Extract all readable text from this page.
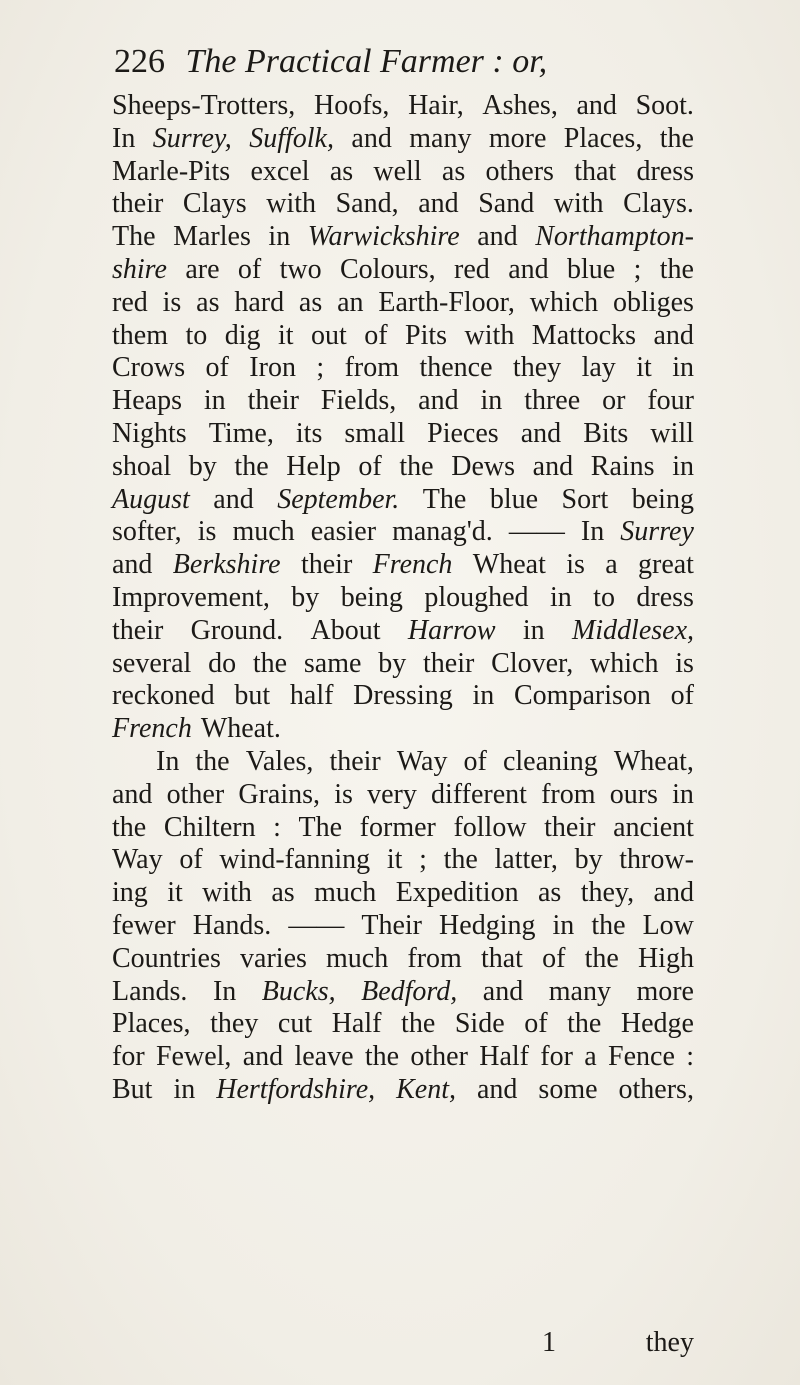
226 The Practical Farmer : or,
Sheeps-Trotters, Hoofs, Hair, Ashes, and Soot.
In Surrey, Suffolk, and many more Places, the
Marle-Pits excel as well as others that dress
their Clays with Sand, and Sand with Clays.
The Marles in Warwickshire and Northampton-
shire are of two Colours, red and blue ; the
red is as hard as an Earth-Floor, which obliges
them to dig it out of Pits with Mattocks and
Crows of Iron ; from thence they lay it in
Heaps in their Fields, and in three or four
Nights Time, its small Pieces and Bits will
shoal by the Help of the Dews and Rains in
August and September. The blue Sort being
softer, is much easier manag'd. —— In Surrey
and Berkshire their French Wheat is a great
Improvement, by being ploughed in to dress
their Ground. About Harrow in Middlesex,
several do the same by their Clover, which is
reckoned but half Dressing in Comparison of
French Wheat.
In the Vales, their Way of cleaning Wheat,
and other Grains, is very different from ours in
the Chiltern : The former follow their ancient
Way of wind-fanning it ; the latter, by throw-
ing it with as much Expedition as they, and
fewer Hands. —— Their Hedging in the Low
Countries varies much from that of the High
Lands. In Bucks, Bedford, and many more
Places, they cut Half the Side of the Hedge
for Fewel, and leave the other Half for a Fence :
But in Hertfordshire, Kent, and some others,
1	they
